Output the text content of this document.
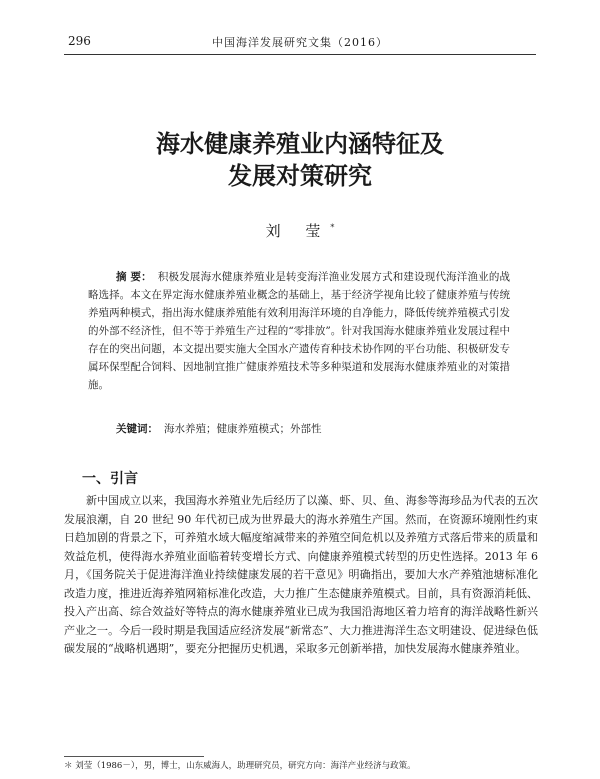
296	中国海洋发展研究文集（2016）
海水健康养殖业内涵特征及
发展对策研究
刘 莹*
摘 要： 积极发展海水健康养殖业是转变海洋渔业发展方式和建设现代海洋渔业的战略选择。本文在界定海水健康养殖业概念的基础上，基于经济学视角比较了健康养殖与传统养殖两种模式，指出海水健康养殖能有效利用海洋环境的自净能力，降低传统养殖模式引发的外部不经济性，但不等于养殖生产过程的“零排放”。针对我国海水健康养殖业发展过程中存在的突出问题，本文提出要实施大全国水产遗传育种技术协作网的平台功能、积极研发专属环保型配合饲料、因地制宜推广健康养殖技术等多种渠道和发展海水健康养殖业的对策措施。
关键词： 海水养殖；健康养殖模式；外部性
一、引言
新中国成立以来，我国海水养殖业先后经历了以藻、虾、贝、鱼、海参等海珍品为代表的五次发展浪潮，自 20 世纪 90 年代初已成为世界最大的海水养殖生产国。然而，在资源环境刚性约束日趋加剧的背景之下，可养殖水域大幅度缩减带来的养殖空间危机以及养殖方式落后带来的质量和效益危机，使得海水养殖业面临着转变增长方式、向健康养殖模式转型的历史性选择。2013 年 6 月，《国务院关于促进海洋渔业持续健康发展的若干意见》明确指出，要加大水产养殖池塘标准化改造力度，推进近海养殖网箱标准化改造，大力推广生态健康养殖模式。目前，具有资源消耗低、投入产出高、综合效益好等特点的海水健康养殖业已成为我国沿海地区着力培育的海洋战略性新兴产业之一。今后一段时期是我国适应经济发展“新常态”、大力推进海洋生态文明建设、促进绿色低碳发展的“战略机遇期”，要充分把握历史机遇，采取多元创新举措，加快发展海水健康养殖业。
＊ 刘莹（1986－），男，博士，山东威海人，助理研究员，研究方向：海洋产业经济与政策。
